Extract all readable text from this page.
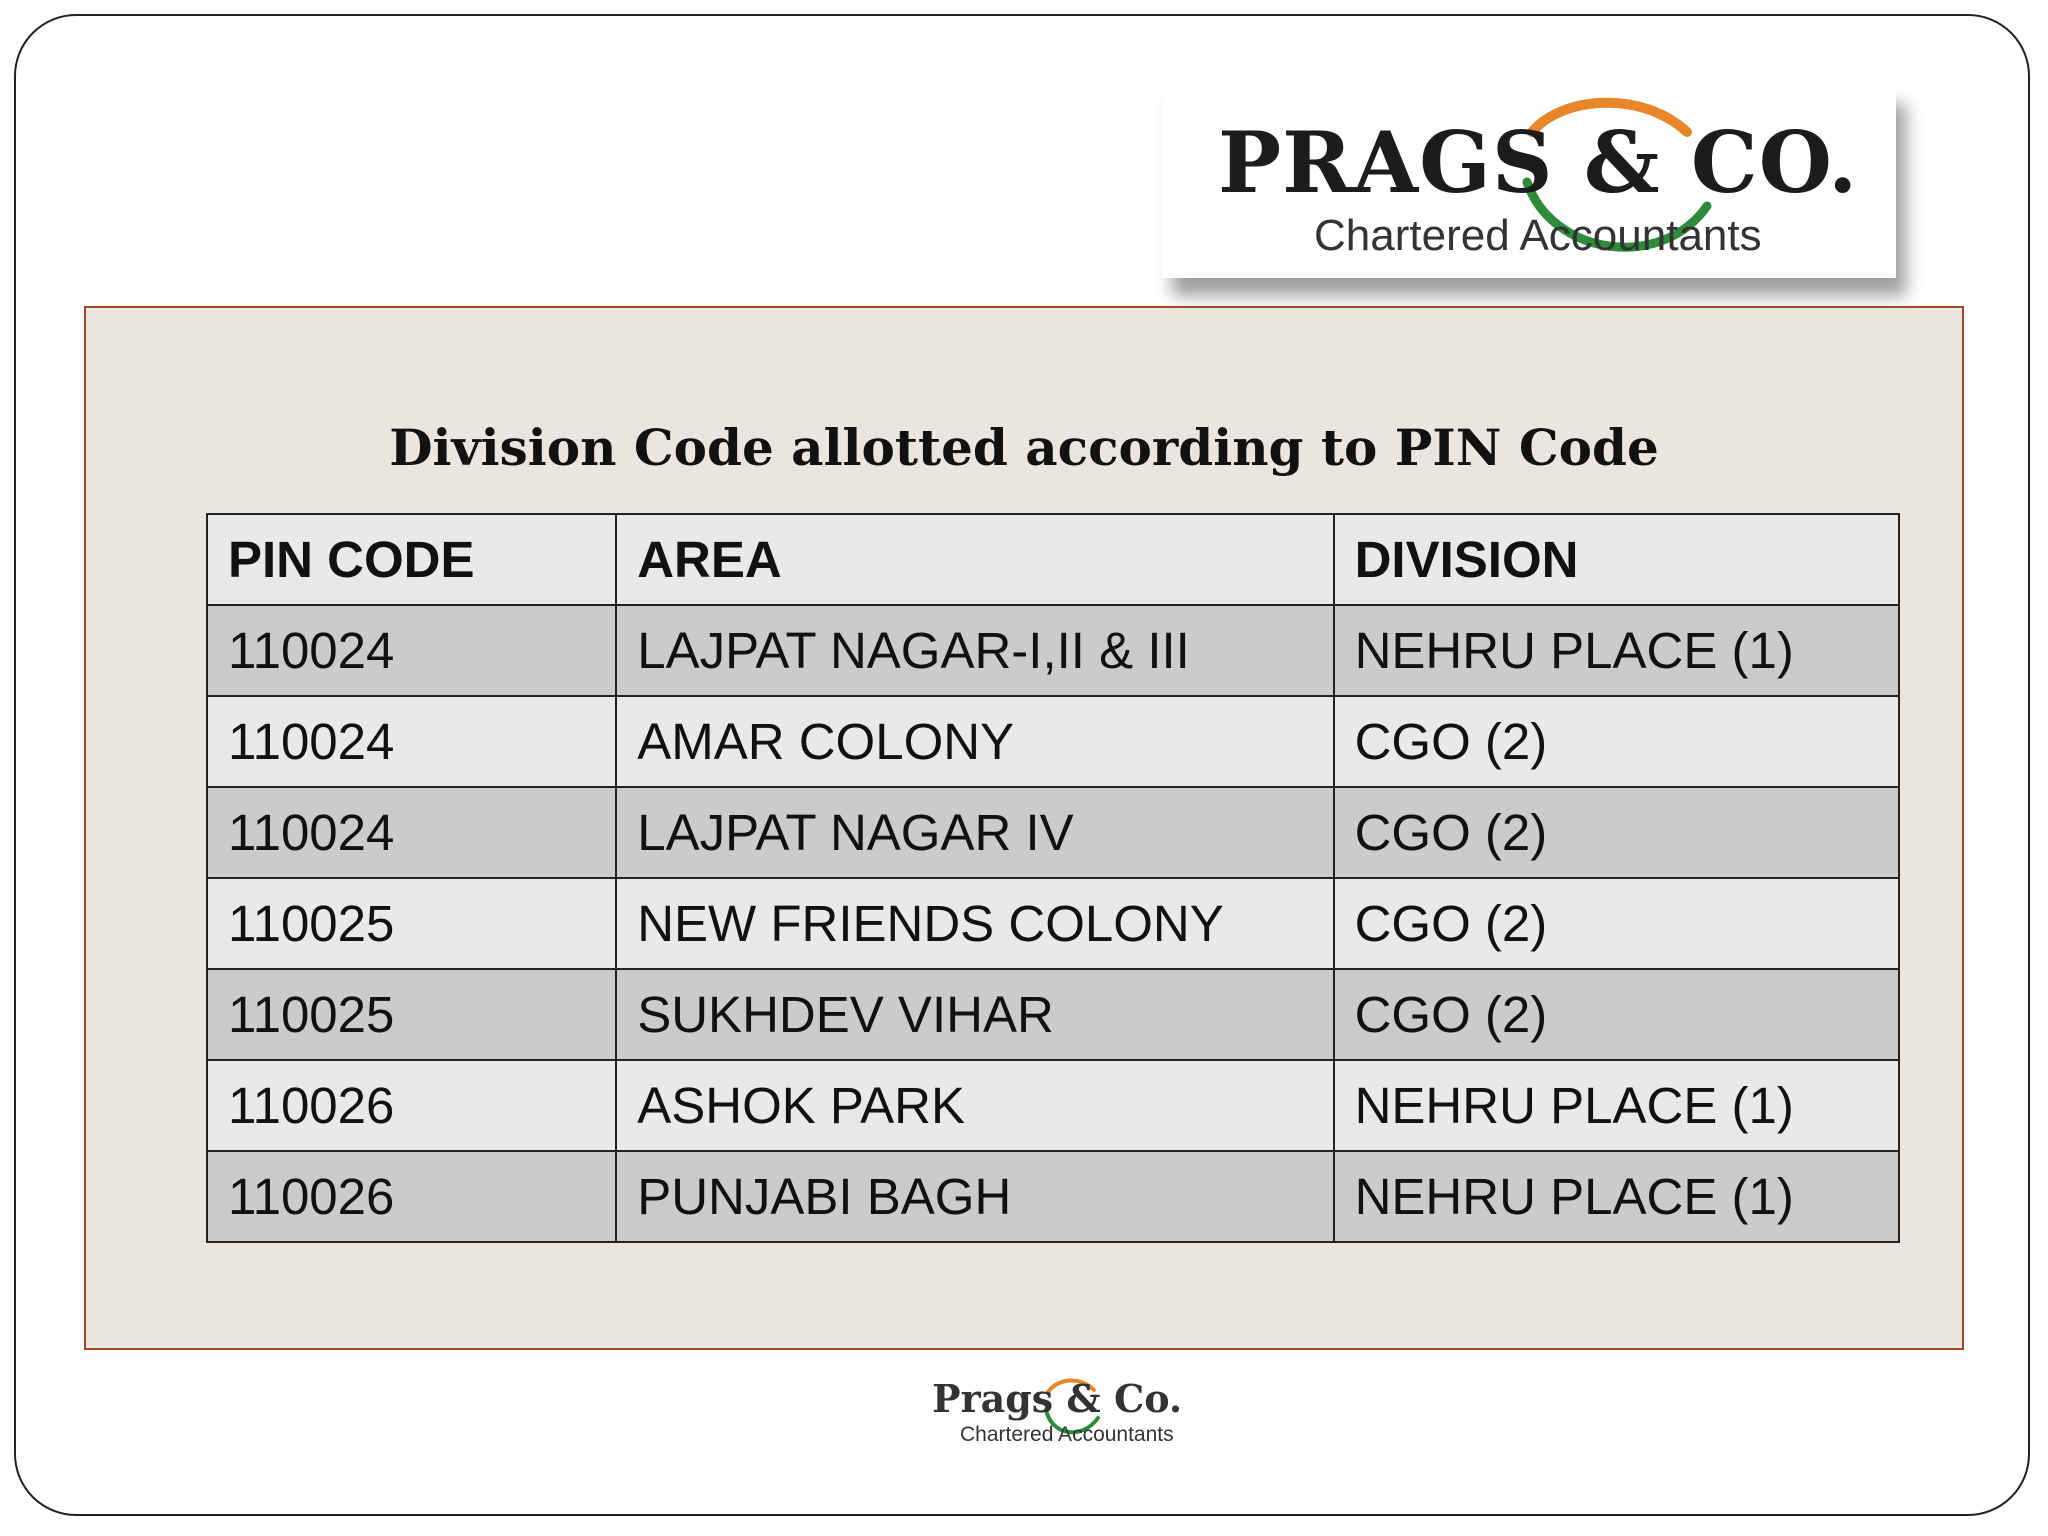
PRAGS & CO.
Chartered Accountants
Division Code allotted according to PIN Code
PIN CODE	AREA	DIVISION
110024	LAJPAT NAGAR-I,II & III	NEHRU PLACE (1)
110024	AMAR COLONY	CGO (2)
110024	LAJPAT NAGAR IV	CGO (2)
110025	NEW FRIENDS COLONY	CGO (2)
110025	SUKHDEV VIHAR	CGO (2)
110026	ASHOK PARK	NEHRU PLACE (1)
110026	PUNJABI BAGH	NEHRU PLACE (1)
Prags & Co.
Chartered Accountants
